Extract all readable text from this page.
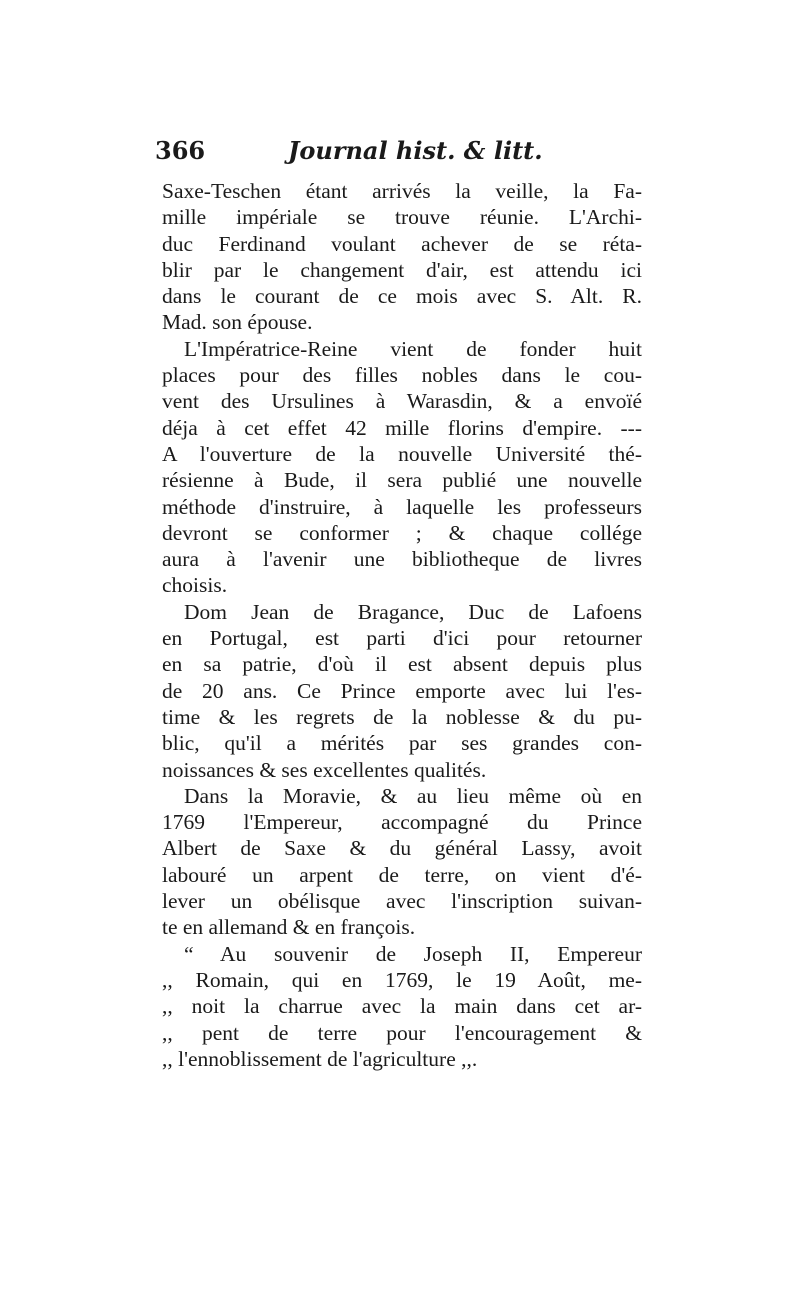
366	Journal hist. & litt.
Saxe-Teschen étant arrivés la veille, la Fa-
mille impériale se trouve réunie. L'Archi-
duc Ferdinand voulant achever de se réta-
blir par le changement d'air, est attendu ici
dans le courant de ce mois avec S. Alt. R.
Mad. son épouse.
L'Impératrice-Reine vient de fonder huit
places pour des filles nobles dans le cou-
vent des Ursulines à Warasdin, & a envoïé
déja à cet effet 42 mille florins d'empire. ---
A l'ouverture de la nouvelle Université thé-
résienne à Bude, il sera publié une nouvelle
méthode d'instruire, à laquelle les professeurs
devront se conformer ; & chaque collége
aura à l'avenir une bibliotheque de livres
choisis.
Dom Jean de Bragance, Duc de Lafoens
en Portugal, est parti d'ici pour retourner
en sa patrie, d'où il est absent depuis plus
de 20 ans. Ce Prince emporte avec lui l'es-
time & les regrets de la noblesse & du pu-
blic, qu'il a mérités par ses grandes con-
noissances & ses excellentes qualités.
Dans la Moravie, & au lieu même où en
1769 l'Empereur, accompagné du Prince
Albert de Saxe & du général Lassy, avoit
labouré un arpent de terre, on vient d'é-
lever un obélisque avec l'inscription suivan-
te en allemand & en françois.
“ Au souvenir de Joseph II, Empereur
,, Romain, qui en 1769, le 19 Août, me-
,, noit la charrue avec la main dans cet ar-
,, pent de terre pour l'encouragement &
,, l'ennoblissement de l'agriculture ,,.
